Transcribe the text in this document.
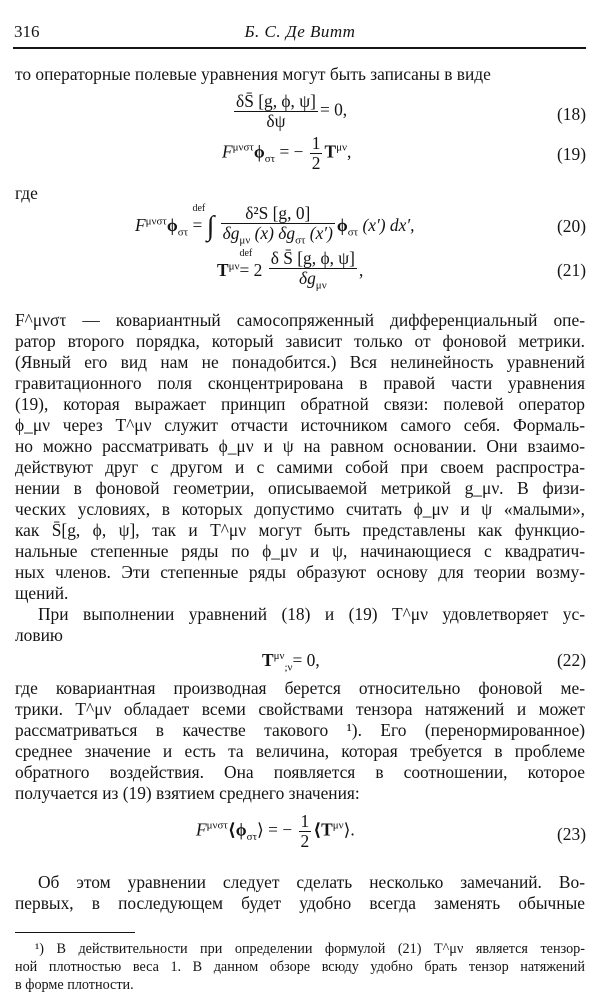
316	Б. С. Де Витт
то операторные полевые уравнения могут быть записаны в виде
$\frac{\delta S̄ [g, \phi, \psi]}{\delta\psi} = 0$,	(18)
$F^{\mu\nu\sigma\tau}\phi_{\sigma\tau}$ = − $\frac{1}{2} T^{\mu\nu}$,	(19)
где
$F^{\mu\nu\sigma\tau}\phi_{\sigma\tau}$
def
= ∫ $\frac{\text{δ²S [g, 0]}}{\delta g_{\mu\nu} (x) \delta g_{\sigma\tau} (x')} \phi_{\sigma\tau}$ (x′) dx′,	(20)
$T^{\mu\nu}$
def
= $2 \frac{\text{δ S̄ [g, ϕ, ψ]}}{\delta g_{\mu\nu}}$ ,	(21)
F^μνστ — ковариантный самосопряженный дифференциальный опе-
ратор второго порядка, который зависит только от фоновой метрики.
(Явный его вид нам не понадобится.) Вся нелинейность уравнений
гравитационного поля сконцентрирована в правой части уравнения
(19), которая выражает принцип обратной связи: полевой оператор
ϕ_μν через T^μν служит отчасти источником самого себя. Формаль-
но можно рассматривать ϕ_μν и ψ на равном основании. Они взаимо-
действуют друг с другом и с самими собой при своем распростра-
нении в фоновой геометрии, описываемой метрикой g_μν. В физи-
ческих условиях, в которых допустимо считать ϕ_μν и ψ «малыми»,
как S̄[g, ϕ, ψ], так и T^μν могут быть представлены как функцио-
нальные степенные ряды по ϕ_μν и ψ, начинающиеся с квадратич-
ных членов. Эти степенные ряды образуют основу для теории возму-
щений.
При выполнении уравнений (18) и (19) T^μν удовлетворяет ус-
ловию
$T^{\mu\nu}_{;\nu}= 0$,	(22)
где ковариантная производная берется относительно фоновой ме-
трики. T^μν обладает всеми свойствами тензора натяжений и может
рассматриваться в качестве такового ¹). Его (перенормированное)
среднее значение и есть та величина, которая требуется в проблеме
обратного воздействия. Она появляется в соотношении, которое
получается из (19) взятием среднего значения:
$F^{\mu\nu\sigma\tau}⟨\phi_{\sigma\tau}⟩$ = − $\frac{1}{2}$ $⟨T^{\mu\nu}⟩$.	(23)
Об этом уравнении следует сделать несколько замечаний. Во-
первых, в последующем будет удобно всегда заменять обычные
¹) В действительности при определении формулой (21) T^μν является тензор-
ной плотностью веса 1. В данном обзоре всюду удобно брать тензор натяжений
в форме плотности.
